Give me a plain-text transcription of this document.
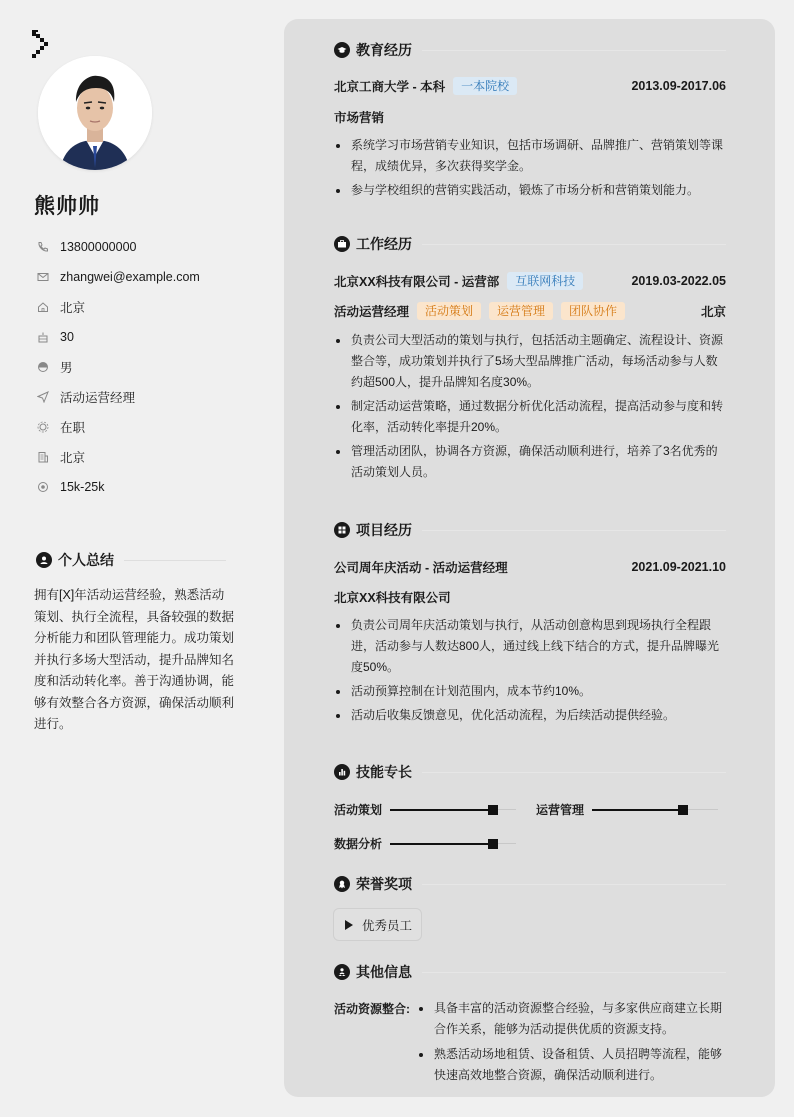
熊帅帅
13800000000
zhangwei@example.com
北京
30
男
活动运营经理
在职
北京
15k-25k
个人总结
拥有[X]年活动运营经验，熟悉活动策划、执行全流程，具备较强的数据分析能力和团队管理能力。成功策划并执行多场大型活动，提升品牌知名度和活动转化率。善于沟通协调，能够有效整合各方资源，确保活动顺利进行。
教育经历
北京工商大学 - 本科	一本院校	2013.09-2017.06
市场营销
系统学习市场营销专业知识，包括市场调研、品牌推广、营销策划等课程，成绩优异，多次获得奖学金。
参与学校组织的营销实践活动，锻炼了市场分析和营销策划能力。
工作经历
北京XX科技有限公司 - 运营部	互联网科技	2019.03-2022.05
活动运营经理	活动策划	运营管理	团队协作	北京
负责公司大型活动的策划与执行，包括活动主题确定、流程设计、资源整合等，成功策划并执行了5场大型品牌推广活动，每场活动参与人数约超500人，提升品牌知名度30%。
制定活动运营策略，通过数据分析优化活动流程，提高活动参与度和转化率，活动转化率提升20%。
管理活动团队，协调各方资源，确保活动顺利进行，培养了3名优秀的活动策划人员。
项目经历
公司周年庆活动 - 活动运营经理	2021.09-2021.10
北京XX科技有限公司
负责公司周年庆活动策划与执行，从活动创意构思到现场执行全程跟进，活动参与人数达800人，通过线上线下结合的方式，提升品牌曝光度50%。
活动预算控制在计划范围内，成本节约10%。
活动后收集反馈意见，优化活动流程，为后续活动提供经验。
技能专长
活动策划	运营管理
数据分析
荣誉奖项
优秀员工
其他信息
活动资源整合:	具备丰富的活动资源整合经验，与多家供应商建立长期合作关系，能够为活动提供优质的资源支持。
熟悉活动场地租赁、设备租赁、人员招聘等流程，能够快速高效地整合资源，确保活动顺利进行。
